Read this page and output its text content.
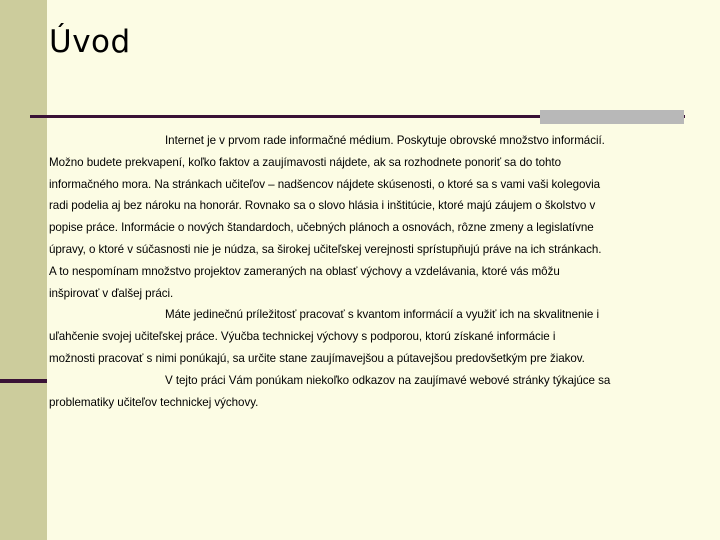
Úvod
Internet je v prvom rade informačné médium. Poskytuje obrovské množstvo informácií.
Možno budete prekvapení, koľko faktov a zaujímavosti nájdete, ak sa rozhodnete ponoriť sa do tohto
informačného mora. Na stránkach učiteľov – nadšencov nájdete skúsenosti, o ktoré sa s vami vaši kolegovia
radi podelia aj bez nároku na honorár. Rovnako sa o slovo hlásia i inštitúcie, ktoré majú záujem o školstvo v
popise práce. Informácie o nových štandardoch, učebných plánoch a osnovách, rôzne zmeny a legislatívne
úpravy, o ktoré v súčasnosti nie je núdza, sa širokej učiteľskej verejnosti sprístupňujú práve na ich stránkach.
A to nespomínam množstvo projektov zameraných na oblasť výchovy a vzdelávania, ktoré vás môžu
inšpirovať v ďalšej práci.
Máte jedinečnú príležitosť pracovať s kvantom informácií a využiť ich na skvalitnenie i
uľahčenie svojej učiteľskej práce. Výučba technickej výchovy s podporou, ktorú získané informácie i
možnosti pracovať s nimi ponúkajú, sa určite stane zaujímavejšou a pútavejšou predovšetkým pre žiakov.
V tejto práci Vám ponúkam niekoľko odkazov na zaujímavé webové stránky týkajúce sa
problematiky učiteľov technickej výchovy.
